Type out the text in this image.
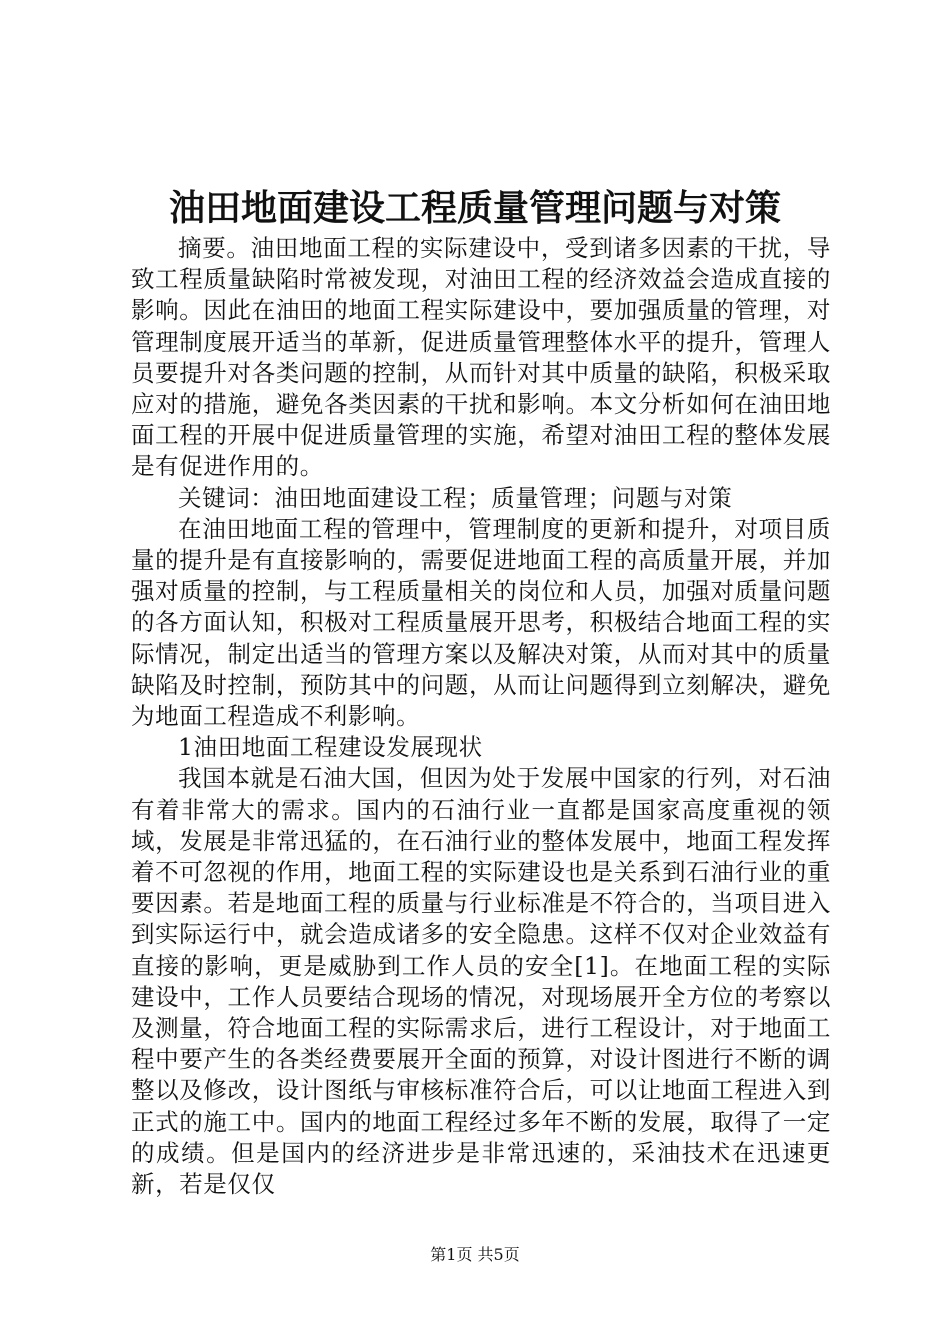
油田地面建设工程质量管理问题与对策

摘要。油田地面工程的实际建设中，受到诸多因素的干扰，导致工程质量缺陷时常被发现，对油田工程的经济效益会造成直接的影响。因此在油田的地面工程实际建设中，要加强质量的管理，对管理制度展开适当的革新，促进质量管理整体水平的提升，管理人员要提升对各类问题的控制，从而针对其中质量的缺陷，积极采取应对的措施，避免各类因素的干扰和影响。本文分析如何在油田地面工程的开展中促进质量管理的实施，希望对油田工程的整体发展是有促进作用的。

关键词：油田地面建设工程；质量管理；问题与对策

在油田地面工程的管理中，管理制度的更新和提升，对项目质量的提升是有直接影响的，需要促进地面工程的高质量开展，并加强对质量的控制，与工程质量相关的岗位和人员，加强对质量问题的各方面认知，积极对工程质量展开思考，积极结合地面工程的实际情况，制定出适当的管理方案以及解决对策，从而对其中的质量缺陷及时控制，预防其中的问题，从而让问题得到立刻解决，避免为地面工程造成不利影响。

1油田地面工程建设发展现状

我国本就是石油大国，但因为处于发展中国家的行列，对石油有着非常大的需求。国内的石油行业一直都是国家高度重视的领域，发展是非常迅猛的，在石油行业的整体发展中，地面工程发挥着不可忽视的作用，地面工程的实际建设也是关系到石油行业的重要因素。若是地面工程的质量与行业标准是不符合的，当项目进入到实际运行中，就会造成诸多的安全隐患。这样不仅对企业效益有直接的影响，更是威胁到工作人员的安全[1]。在地面工程的实际建设中，工作人员要结合现场的情况，对现场展开全方位的考察以及测量，符合地面工程的实际需求后，进行工程设计，对于地面工程中要产生的各类经费要展开全面的预算，对设计图进行不断的调整以及修改，设计图纸与审核标准符合后，可以让地面工程进入到正式的施工中。国内的地面工程经过多年不断的发展，取得了一定的成绩。但是国内的经济进步是非常迅速的，采油技术在迅速更新，若是仅仅

第1页 共5页
